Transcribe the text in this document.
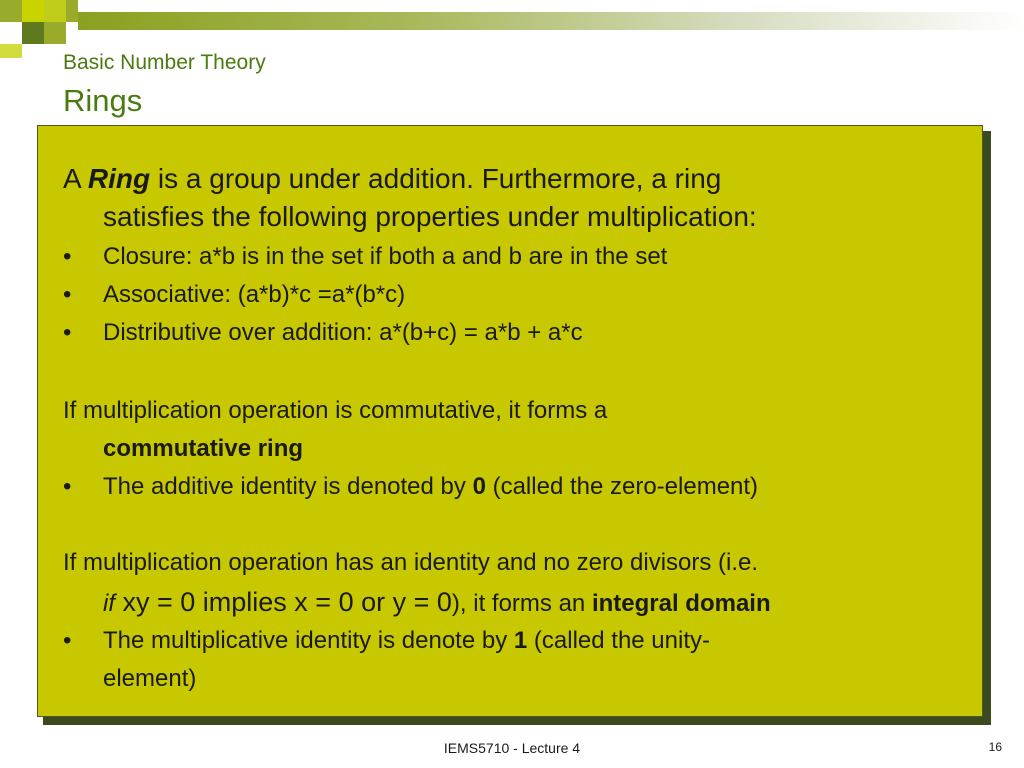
Basic Number Theory
Rings
A Ring is a group under addition. Furthermore, a ring
satisfies the following properties under multiplication:
• Closure: a*b is in the set if both a and b are in the set
• Associative: (a*b)*c =a*(b*c)
• Distributive over addition: a*(b+c) = a*b + a*c
If multiplication operation is commutative, it forms a
commutative ring
• The additive identity is denoted by 0 (called the zero-element)
If multiplication operation has an identity and no zero divisors (i.e.
if xy = 0 implies x = 0 or y = 0), it forms an integral domain
• The multiplicative identity is denote by 1 (called the unity-
element)
IEMS5710 - Lecture 4	16
